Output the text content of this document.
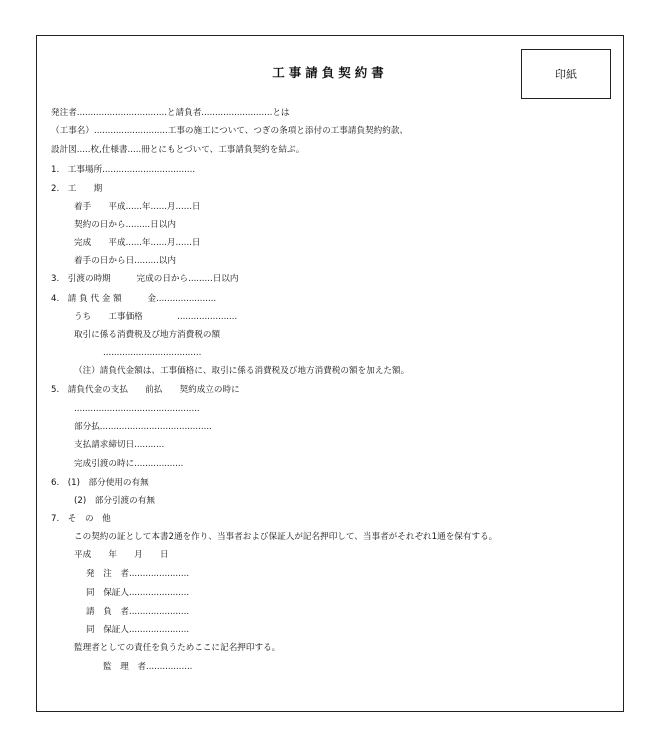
印紙
工事請負契約書
発注者.................................と請負者..........................とは
（工事名）...........................工事の施工について、つぎの条項と添付の工事請負契約約款、
設計図.....枚,仕様書.....冊とにもとづいて、工事請負契約を結ぶ。
1.　工事場所..................................
2.　工　　期
着手　　平成......年......月......日
契約の日から.........日以内
完成　　平成......年......月......日
着手の日から日.........以内
3.　引渡の時期　　　完成の日から.........日以内
4.　請 負 代 金 額　　　金......................
うち　　工事価格　　　　......................
取引に係る消費税及び地方消費税の額
....................................
（注）請負代金額は、工事価格に、取引に係る消費税及び地方消費税の額を加えた額。
5.　請負代金の支払　　前払　　契約成立の時に
..............................................
部分払.........................................
支払請求締切日...........
完成引渡の時に..................
6.　(1)　部分使用の有無
(2)　部分引渡の有無
7.　そ　の　他
この契約の証として本書2通を作り、当事者および保証人が記名押印して、当事者がそれぞれ1通を保有する。
平成　　年　　月　　日
発　注　者......................
同　保証人......................
請　負　者......................
同　保証人......................
監理者としての責任を負うためここに記名押印する。
監　理　者.................
